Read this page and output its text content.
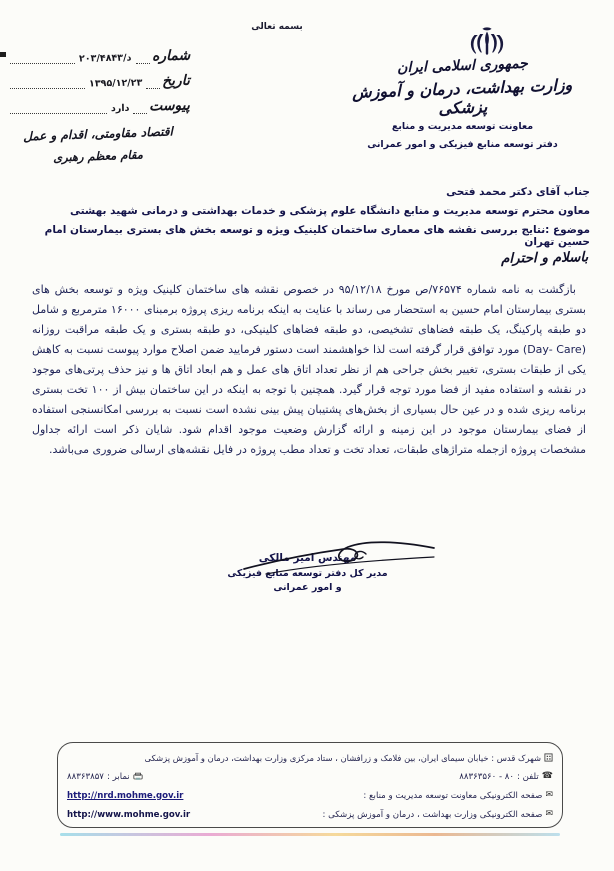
بسمه تعالی
جمهوری اسلامی ایران
وزارت بهداشت، درمان و آموزش پزشکی
معاونت توسعه مدیریت و منابع
دفتر توسعه منابع فیزیکی و امور عمرانی
شماره
د/۲۰۳/۴۸۴۳
تاریخ
۱۳۹۵/۱۲/۲۳
پیوست
دارد
اقتصاد مقاومتی، اقدام و عمل
مقام معظم رهبری
جناب آقای دکتر محمد فتحی
معاون محترم توسعه مدیریت و منابع دانشگاه علوم پزشکی و خدمات بهداشتی و درمانی شهید بهشتی
موضوع :نتایج بررسی نقشه های معماری ساختمان کلینیک ویژه و توسعه بخش های بستری بیمارستان امام حسین تهران
باسلام و احترام
بازگشت به نامه شماره ۷۶۵۷۴/ص مورخ ۹۵/۱۲/۱۸ در خصوص نقشه های ساختمان کلینیک ویژه و توسعه بخش های بستری بیمارستان امام حسین به استحضار می رساند با عنایت به اینکه برنامه ریزی پروژه برمبنای ۱۶۰۰۰ مترمربع و شامل دو طبقه پارکینگ، یک طبقه فضاهای تشخیصی، دو طبقه فضاهای کلینیکی، دو طبقه بستری و یک طبقه مراقبت روزانه (Day- Care) مورد توافق قرار گرفته است لذا خواهشمند است دستور فرمایید ضمن اصلاح موارد پیوست نسبت به کاهش یکی از طبقات بستری، تغییر بخش جراحی هم از نظر تعداد اتاق های عمل و هم ابعاد اتاق ها و نیز حذف پرتی‌های موجود در نقشه و استفاده مفید از فضا مورد توجه قرار گیرد. همچنین با توجه به اینکه در این ساختمان بیش از ۱۰۰ تخت بستری برنامه ریزی شده و در عین حال بسیاری از بخش‌های پشتیبان پیش بینی نشده است نسبت به بررسی امکانسنجی استفاده از فضای بیمارستان موجود در این زمینه و ارائه گزارش وضعیت موجود اقدام شود. شایان ذکر است ارائه جداول مشخصات پروژه ازجمله متراژهای طبقات، تعداد تخت و تعداد مطب پروژه در فایل نقشه‌های ارسالی ضروری می‌باشد.
مهندس امیر مالکی
مدیر کل دفتر توسعه منابع فیزیکی
و امور عمرانی
شهرک قدس : خیابان سیمای ایران، بین فلامک و زرافشان ، ستاد مرکزی وزارت بهداشت، درمان و آموزش پزشکی
☎
تلفن :
۸۸۳۶۳۵۶۰ - ۸۰
نمابر :
۸۸۳۶۳۸۵۷
✉
صفحه الکترونیکی معاونت توسعه مدیریت و منابع :
http://nrd.mohme.gov.ir
✉
صفحه الکترونیکی وزارت بهداشت ، درمان و آموزش پزشکی :
http://www.mohme.gov.ir
